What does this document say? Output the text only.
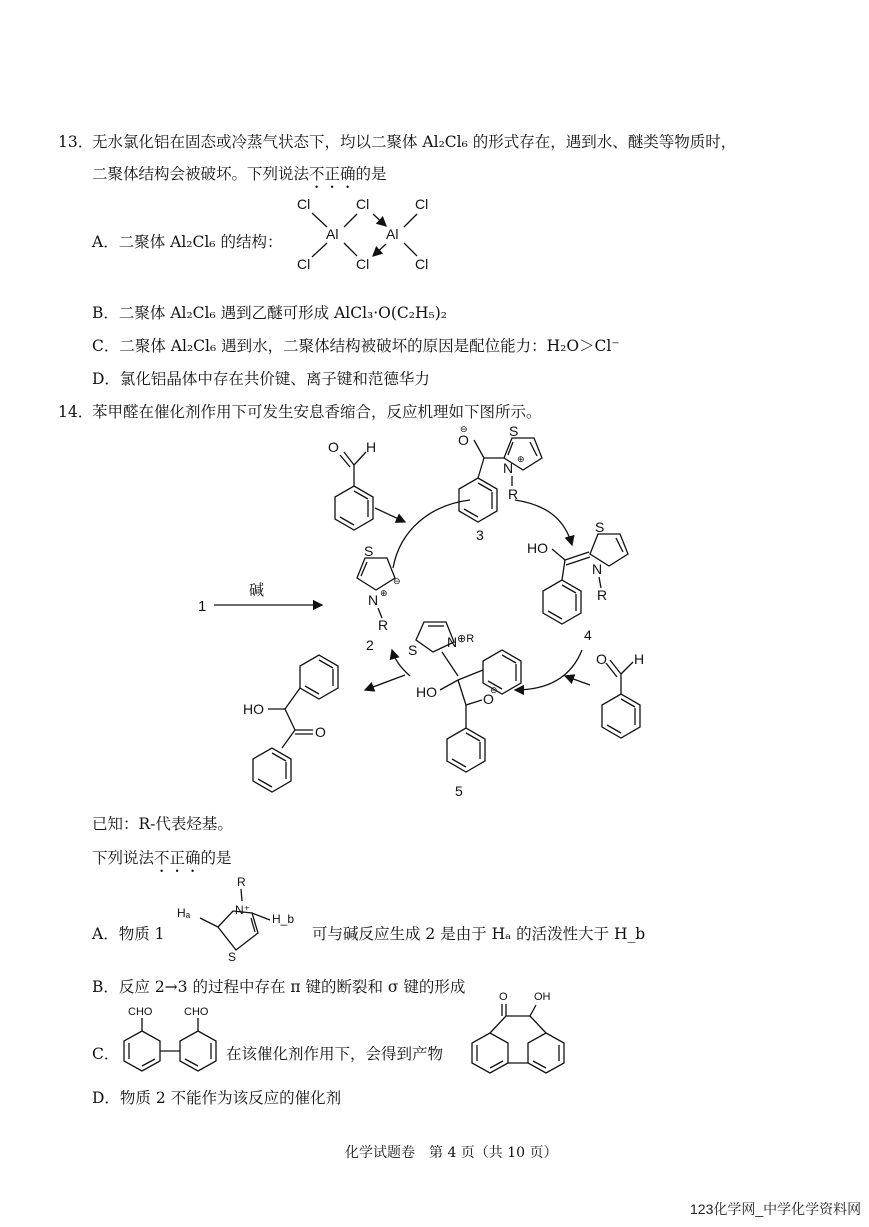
13．
无水氯化铝在固态或冷蒸气状态下，均以二聚体 Al₂Cl₆ 的形式存在，遇到水、醚类等物质时，
二聚体结构会被破坏。下列说法不正确的是
A．二聚体 Al₂Cl₆ 的结构：
B．二聚体 Al₂Cl₆ 遇到乙醚可形成 AlCl₃·O(C₂H₅)₂
C．二聚体 Al₂Cl₆ 遇到水，二聚体结构被破坏的原因是配位能力：H₂O＞Cl⁻
D．氯化铝晶体中存在共价键、离子键和范德华力
14．
苯甲醛在催化剂作用下可发生安息香缩合，反应机理如下图所示。
已知：R-代表烃基。
下列说法不正确的是
A．物质 1	可与碱反应生成 2 是由于 Hₐ 的活泼性大于 H_b
B．反应 2→3 的过程中存在 π 键的断裂和 σ 键的形成
C．	在该催化剂作用下，会得到产物
D．物质 2 不能作为该反应的催化剂
化学试题卷　第 4 页（共 10 页）
123化学网_中学化学资料网
Cl	Cl	Cl
Al	Al
Cl	Cl	Cl
O H	O
⊖	S
N
⊕
R
3
HO
S
N
R
4
S
⊖
N ⊕
R
2
1
碱
S N ⊕R
HO	O
⊖
5
O H
HO
O
R
N⁺
S
Hₐ	H_b
CHO	CHO
O OH
